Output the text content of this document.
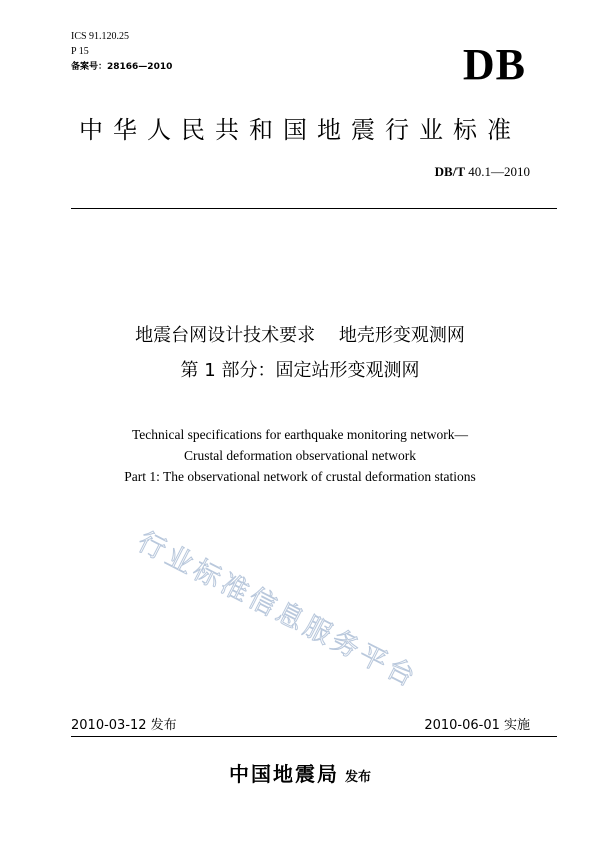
ICS 91.120.25
P 15
备案号：28166—2010	DB
中华人民共和国地震行业标准
DB/T 40.1—2010
地震台网设计技术要求　 地壳形变观测网
第 1 部分：固定站形变观测网
Technical specifications for earthquake monitoring network—
Crustal deformation observational network
Part 1: The observational network of crustal deformation stations
行业标准信息服务平台
2010-03-12 发布	2010-06-01 实施
中国地震局 发布
